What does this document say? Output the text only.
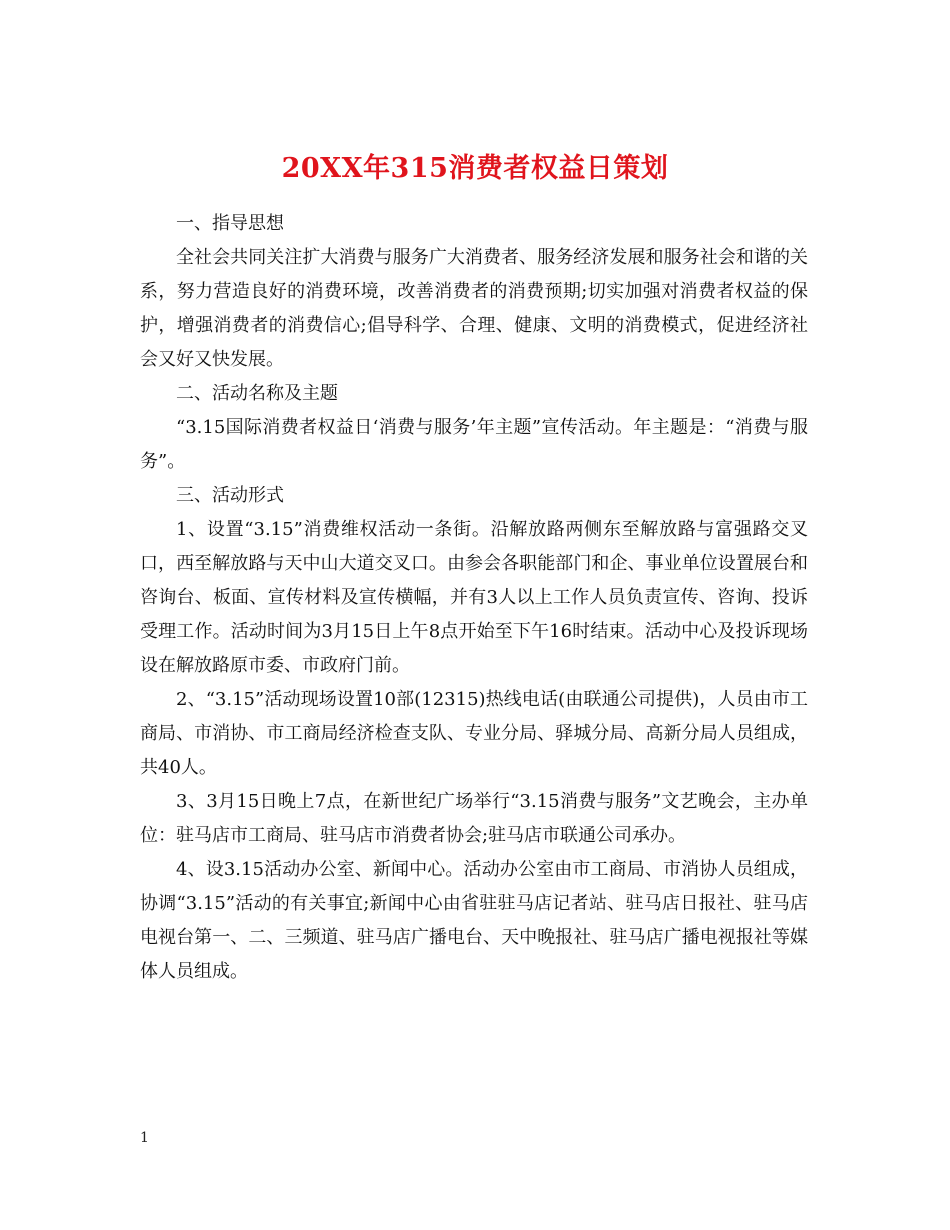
20XX年315消费者权益日策划

一、指导思想

全社会共同关注扩大消费与服务广大消费者、服务经济发展和服务社会和谐的关系，努力营造良好的消费环境，改善消费者的消费预期;切实加强对消费者权益的保护，增强消费者的消费信心;倡导科学、合理、健康、文明的消费模式，促进经济社会又好又快发展。

二、活动名称及主题

“3.15国际消费者权益日‘消费与服务’年主题”宣传活动。年主题是：“消费与服务”。

三、活动形式

1、设置“3.15”消费维权活动一条街。沿解放路两侧东至解放路与富强路交叉口，西至解放路与天中山大道交叉口。由参会各职能部门和企、事业单位设置展台和咨询台、板面、宣传材料及宣传横幅，并有3人以上工作人员负责宣传、咨询、投诉受理工作。活动时间为3月15日上午8点开始至下午16时结束。活动中心及投诉现场设在解放路原市委、市政府门前。

2、“3.15”活动现场设置10部(12315)热线电话(由联通公司提供)，人员由市工商局、市消协、市工商局经济检查支队、专业分局、驿城分局、高新分局人员组成，共40人。

3、3月15日晚上7点，在新世纪广场举行“3.15消费与服务”文艺晚会，主办单位：驻马店市工商局、驻马店市消费者协会;驻马店市联通公司承办。

4、设3.15活动办公室、新闻中心。活动办公室由市工商局、市消协人员组成，协调“3.15”活动的有关事宜;新闻中心由省驻驻马店记者站、驻马店日报社、驻马店电视台第一、二、三频道、驻马店广播电台、天中晚报社、驻马店广播电视报社等媒体人员组成。

1
